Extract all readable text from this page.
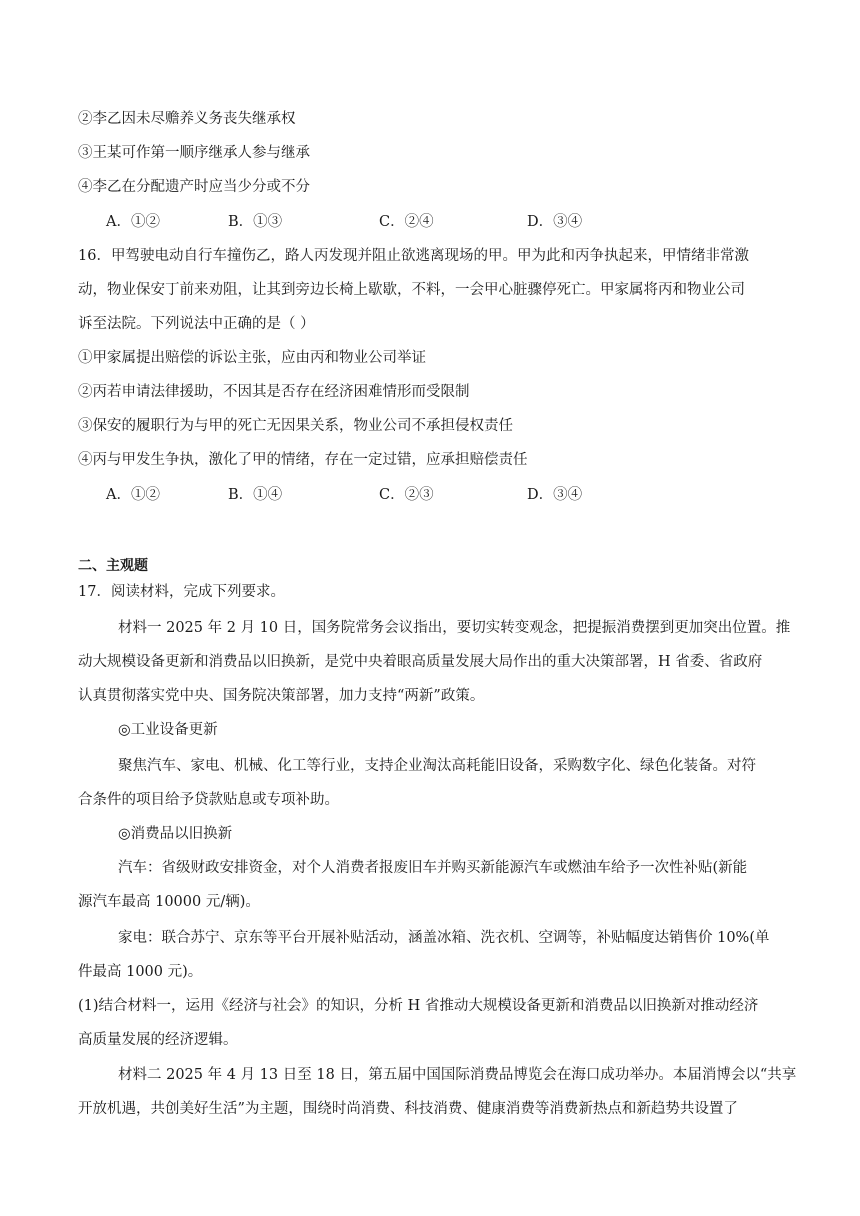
②李乙因未尽赡养义务丧失继承权
③王某可作第一顺序继承人参与继承
④李乙在分配遗产时应当少分或不分
A．①②	B．①③	C．②④	D．③④
16．甲驾驶电动自行车撞伤乙，路人丙发现并阻止欲逃离现场的甲。甲为此和丙争执起来，甲情绪非常激
动，物业保安丁前来劝阻，让其到旁边长椅上歇歇，不料，一会甲心脏骤停死亡。甲家属将丙和物业公司
诉至法院。下列说法中正确的是（ ）
①甲家属提出赔偿的诉讼主张，应由丙和物业公司举证
②丙若申请法律援助，不因其是否存在经济困难情形而受限制
③保安的履职行为与甲的死亡无因果关系，物业公司不承担侵权责任
④丙与甲发生争执，激化了甲的情绪，存在一定过错，应承担赔偿责任
A．①②	B．①④	C．②③	D．③④
二、主观题
17．阅读材料，完成下列要求。
材料一 2025 年 2 月 10 日，国务院常务会议指出，要切实转变观念，把提振消费摆到更加突出位置。推
动大规模设备更新和消费品以旧换新，是党中央着眼高质量发展大局作出的重大决策部署，H 省委、省政府
认真贯彻落实党中央、国务院决策部署，加力支持“两新”政策。
◎工业设备更新
聚焦汽车、家电、机械、化工等行业，支持企业淘汰高耗能旧设备，采购数字化、绿色化装备。对符
合条件的项目给予贷款贴息或专项补助。
◎消费品以旧换新
汽车：省级财政安排资金，对个人消费者报废旧车并购买新能源汽车或燃油车给予一次性补贴(新能
源汽车最高 10000 元/辆)。
家电：联合苏宁、京东等平台开展补贴活动，涵盖冰箱、洗衣机、空调等，补贴幅度达销售价 10%(单
件最高 1000 元)。
(1)结合材料一，运用《经济与社会》的知识，分析 H 省推动大规模设备更新和消费品以旧换新对推动经济
高质量发展的经济逻辑。
材料二 2025 年 4 月 13 日至 18 日，第五届中国国际消费品博览会在海口成功举办。本届消博会以“共享
开放机遇，共创美好生活”为主题，围绕时尚消费、科技消费、健康消费等消费新热点和新趋势共设置了
